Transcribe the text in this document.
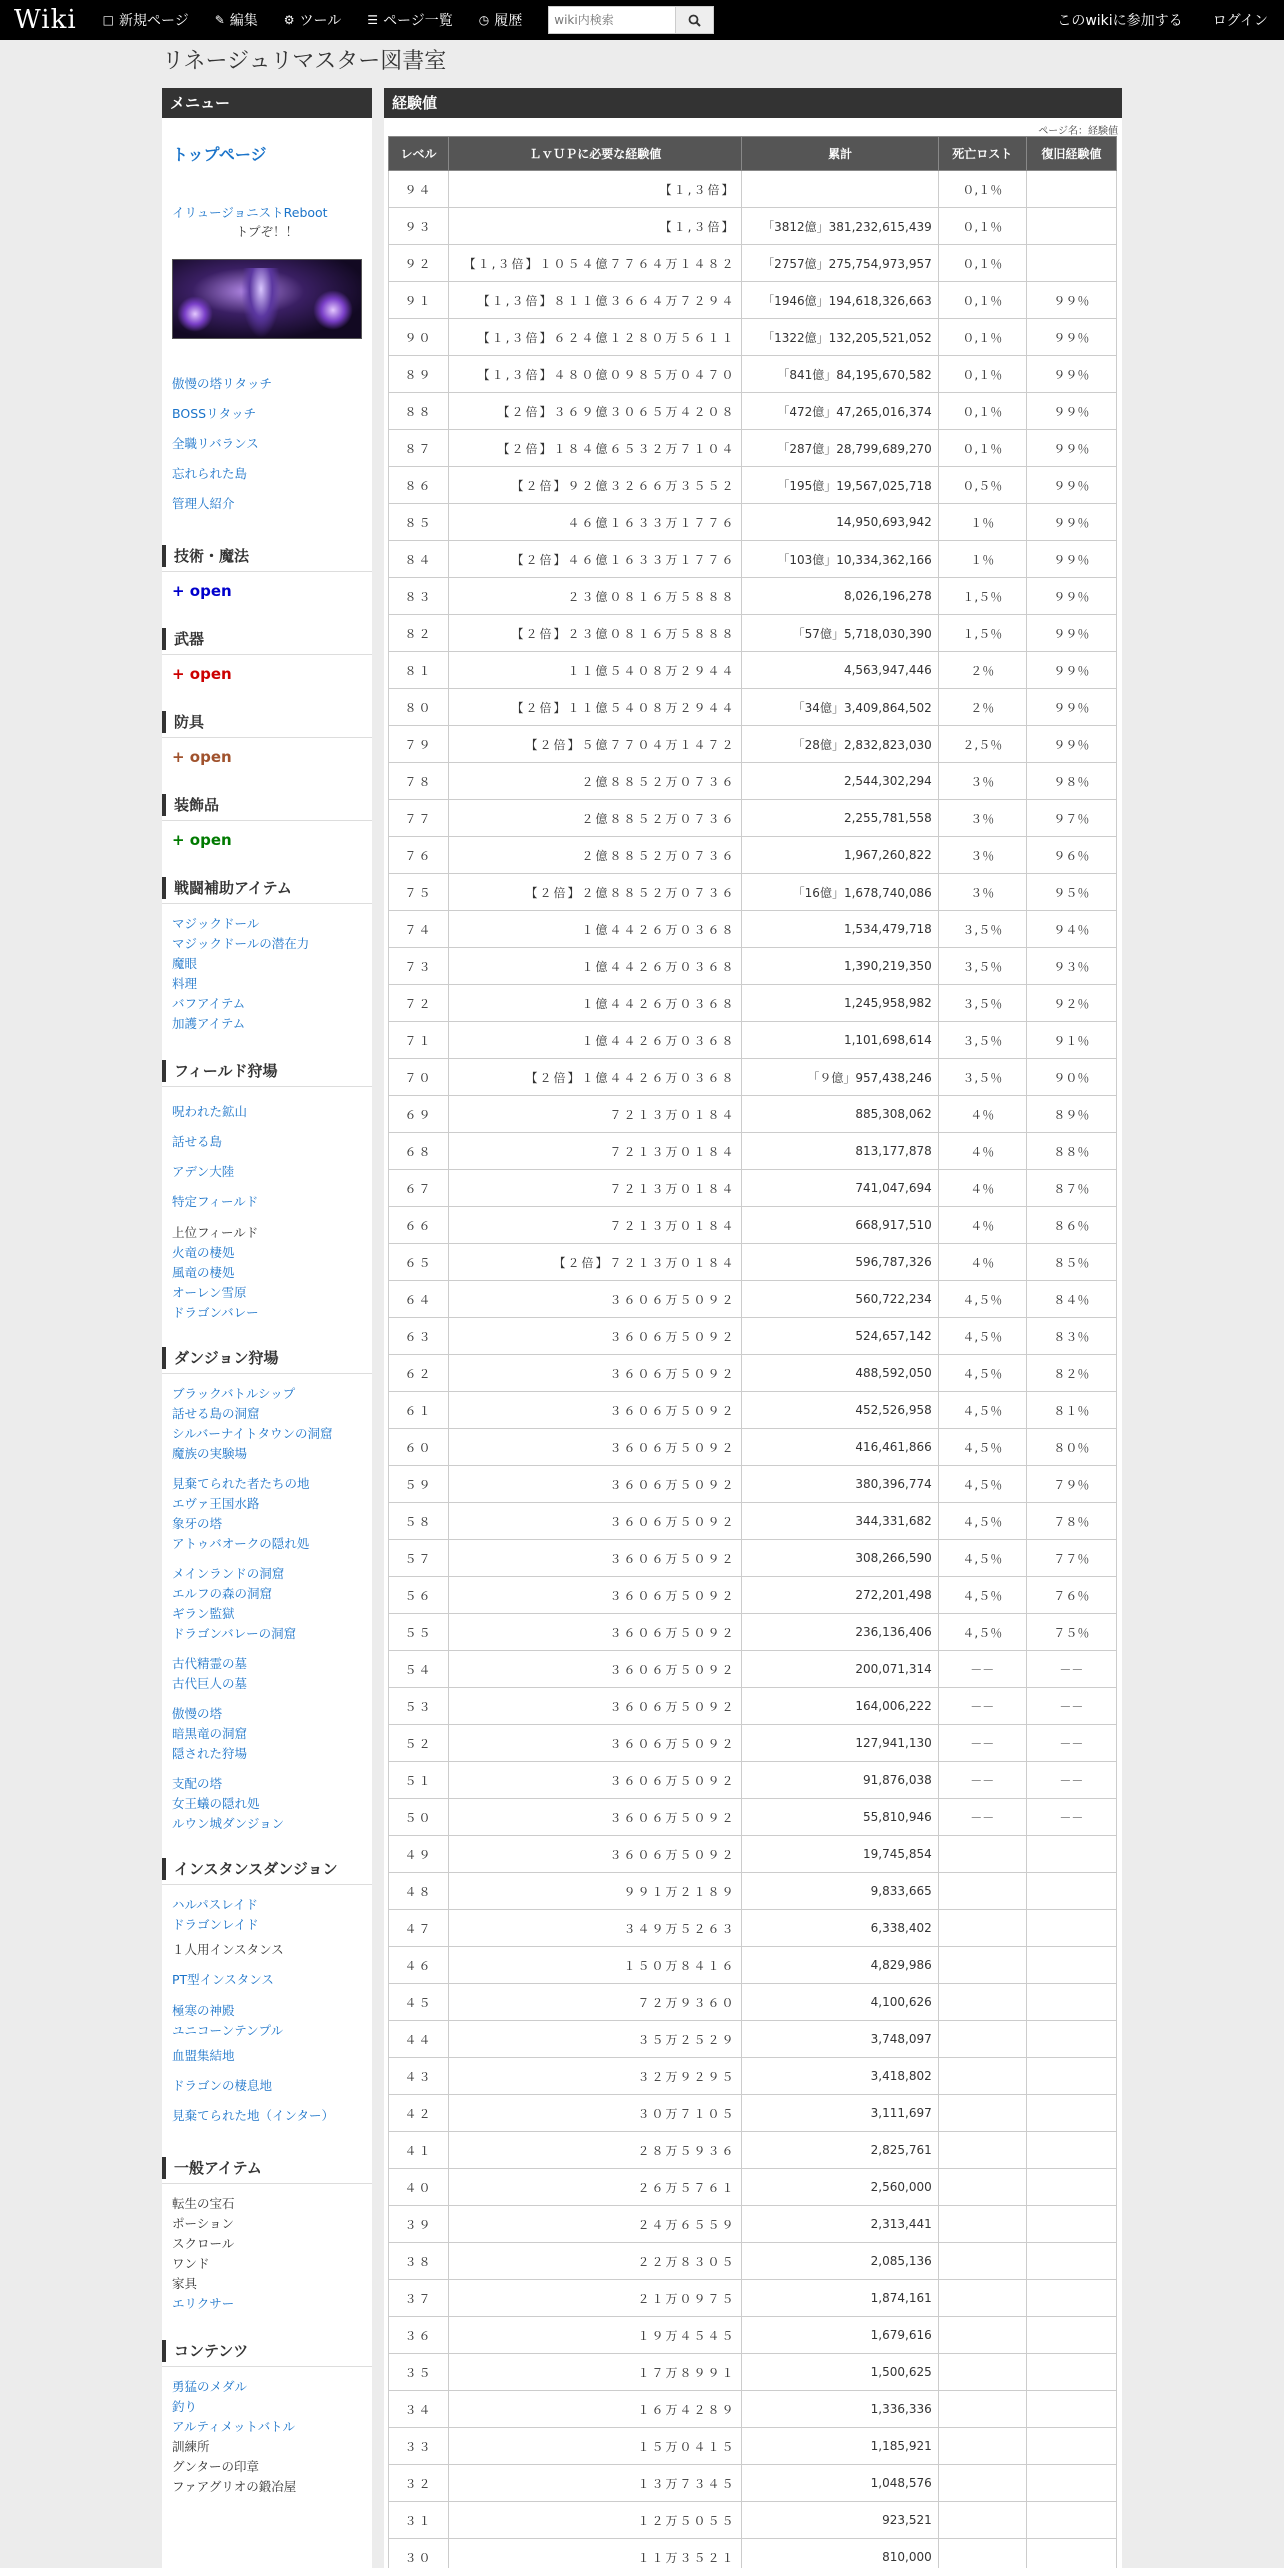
Wiki □ 新規ページ ✎ 編集 ⚙ ツール ☰ ページ一覧 ◷ 履歴
wiki内検索	このwikiに参加する ログイン
リネージュリマスター図書室
メニュー
トップページ
イリュージョニストReboot
トプぞ！！
傲慢の塔リタッチ
BOSSリタッチ
全職リバランス
忘れられた島
管理人紹介
技術・魔法
+ open
武器
+ open
防具
+ open
装飾品
+ open
戦闘補助アイテム
マジックドール
マジックドールの潜在力
魔眼
料理
バフアイテム
加護アイテム
フィールド狩場
呪われた鉱山
話せる島
アデン大陸
特定フィールド
上位フィールド
火竜の棲処
風竜の棲処
オーレン雪原
ドラゴンバレー
ダンジョン狩場
ブラックバトルシップ
話せる島の洞窟
シルバーナイトタウンの洞窟
魔族の実験場
見棄てられた者たちの地
エヴァ王国水路
象牙の塔
アトゥバオークの隠れ処
メインランドの洞窟
エルフの森の洞窟
ギラン監獄
ドラゴンバレーの洞窟
古代精霊の墓
古代巨人の墓
傲慢の塔
暗黒竜の洞窟
隠された狩場
支配の塔
女王蟻の隠れ処
ルウン城ダンジョン
インスタンスダンジョン
ハルパスレイド
ドラゴンレイド
１人用インスタンス
PT型インスタンス
極寒の神殿
ユニコーンテンプル
血盟集結地
ドラゴンの棲息地
見棄てられた地（インター）
一般アイテム
転生の宝石
ポーション
スクロール
ワンド
家具
エリクサー
コンテンツ
勇猛のメダル
釣り
アルティメットバトル
訓練所
グンターの印章
ファアグリオの鍛冶屋
経験値
ページ名：経験値
レベル	ＬｖＵＰに必要な経験値	累計	死亡ロスト	復旧経験値
９４	【１,３倍】		０,１％	
９３	【１,３倍】	「3812億」381,232,615,439	０,１％	
９２	【１,３倍】１０５４億７７６４万１４８２	「2757億」275,754,973,957	０,１％	
９１	【１,３倍】８１１億３６６４万７２９４	「1946億」194,618,326,663	０,１％	９９％
９０	【１,３倍】６２４億１２８０万５６１１	「1322億」132,205,521,052	０,１％	９９％
８９	【１,３倍】４８０億０９８５万０４７０	「841億」84,195,670,582	０,１％	９９％
８８	【２倍】３６９億３０６５万４２０８	「472億」47,265,016,374	０,１％	９９％
８７	【２倍】１８４億６５３２万７１０４	「287億」28,799,689,270	０,１％	９９％
８６	【２倍】９２億３２６６万３５５２	「195億」19,567,025,718	０,５％	９９％
８５	４６億１６３３万１７７６	14,950,693,942	１％	９９％
８４	【２倍】４６億１６３３万１７７６	「103億」10,334,362,166	１％	９９％
８３	２３億０８１６万５８８８	8,026,196,278	１,５％	９９％
８２	【２倍】２３億０８１６万５８８８	「57億」5,718,030,390	１,５％	９９％
８１	１１億５４０８万２９４４	4,563,947,446	２％	９９％
８０	【２倍】１１億５４０８万２９４４	「34億」3,409,864,502	２％	９９％
７９	【２倍】５億７７０４万１４７２	「28億」2,832,823,030	２,５％	９９％
７８	２億８８５２万０７３６	2,544,302,294	３％	９８％
７７	２億８８５２万０７３６	2,255,781,558	３％	９７％
７６	２億８８５２万０７３６	1,967,260,822	３％	９６％
７５	【２倍】２億８８５２万０７３６	「16億」1,678,740,086	３％	９５％
７４	１億４４２６万０３６８	1,534,479,718	３,５％	９４％
７３	１億４４２６万０３６８	1,390,219,350	３,５％	９３％
７２	１億４４２６万０３６８	1,245,958,982	３,５％	９２％
７１	１億４４２６万０３６８	1,101,698,614	３,５％	９１％
７０	【２倍】１億４４２６万０３６８	「９億」957,438,246	３,５％	９０％
６９	７２１３万０１８４	885,308,062	４％	８９％
６８	７２１３万０１８４	813,177,878	４％	８８％
６７	７２１３万０１８４	741,047,694	４％	８７％
６６	７２１３万０１８４	668,917,510	４％	８６％
６５	【２倍】７２１３万０１８４	596,787,326	４％	８５％
６４	３６０６万５０９２	560,722,234	４,５％	８４％
６３	３６０６万５０９２	524,657,142	４,５％	８３％
６２	３６０６万５０９２	488,592,050	４,５％	８２％
６１	３６０６万５０９２	452,526,958	４,５％	８１％
６０	３６０６万５０９２	416,461,866	４,５％	８０％
５９	３６０６万５０９２	380,396,774	４,５％	７９％
５８	３６０６万５０９２	344,331,682	４,５％	７８％
５７	３６０６万５０９２	308,266,590	４,５％	７７％
５６	３６０６万５０９２	272,201,498	４,５％	７６％
５５	３６０６万５０９２	236,136,406	４,５％	７５％
５４	３６０６万５０９２	200,071,314	－－	－－
５３	３６０６万５０９２	164,006,222	－－	－－
５２	３６０６万５０９２	127,941,130	－－	－－
５１	３６０６万５０９２	91,876,038	－－	－－
５０	３６０６万５０９２	55,810,946	－－	－－
４９	３６０６万５０９２	19,745,854		
４８	９９１万２１８９	9,833,665		
４７	３４９万５２６３	6,338,402		
４６	１５０万８４１６	4,829,986		
４５	７２万９３６０	4,100,626		
４４	３５万２５２９	3,748,097		
４３	３２万９２９５	3,418,802		
４２	３０万７１０５	3,111,697		
４１	２８万５９３６	2,825,761		
４０	２６万５７６１	2,560,000		
３９	２４万６５５９	2,313,441		
３８	２２万８３０５	2,085,136		
３７	２１万０９７５	1,874,161		
３６	１９万４５４５	1,679,616		
３５	１７万８９９１	1,500,625		
３４	１６万４２８９	1,336,336		
３３	１５万０４１５	1,185,921		
３２	１３万７３４５	1,048,576		
３１	１２万５０５５	923,521		
３０	１１万３５２１	810,000		
